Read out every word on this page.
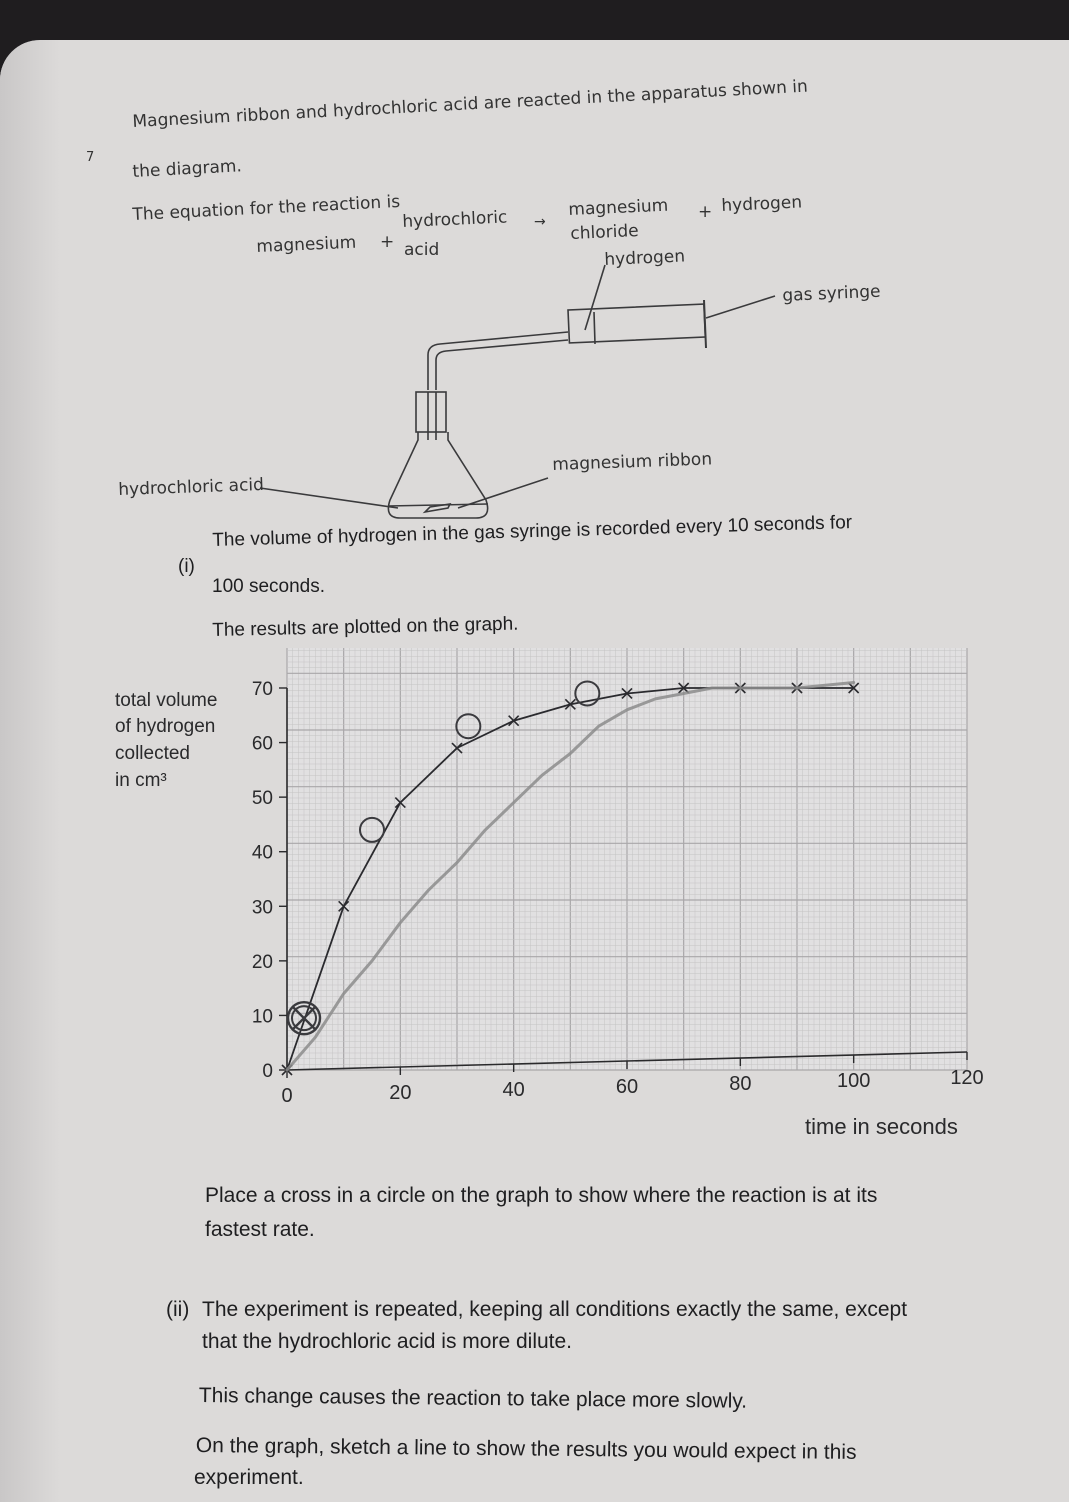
7
Magnesium ribbon and hydrochloric acid are reacted in the apparatus shown in
the diagram.
The equation for the reaction is
magnesium +
hydrochloric
acid
→
magnesium
chloride
+ hydrogen
hydrogen
gas syringe
hydrochloric acid
magnesium ribbon
(i)
The volume of hydrogen in the gas syringe is recorded every 10 seconds for
100 seconds.
The results are plotted on the graph.
total volume
of hydrogen
collected
in cm³
0
10
20
30
40
50
60
70
0	20	40	60	80	100	120
time in seconds
Place a cross in a circle on the graph to show where the reaction is at its
fastest rate.
(ii) The experiment is repeated, keeping all conditions exactly the same, except
that the hydrochloric acid is more dilute.
This change causes the reaction to take place more slowly.
On the graph, sketch a line to show the results you would expect in this
experiment.
